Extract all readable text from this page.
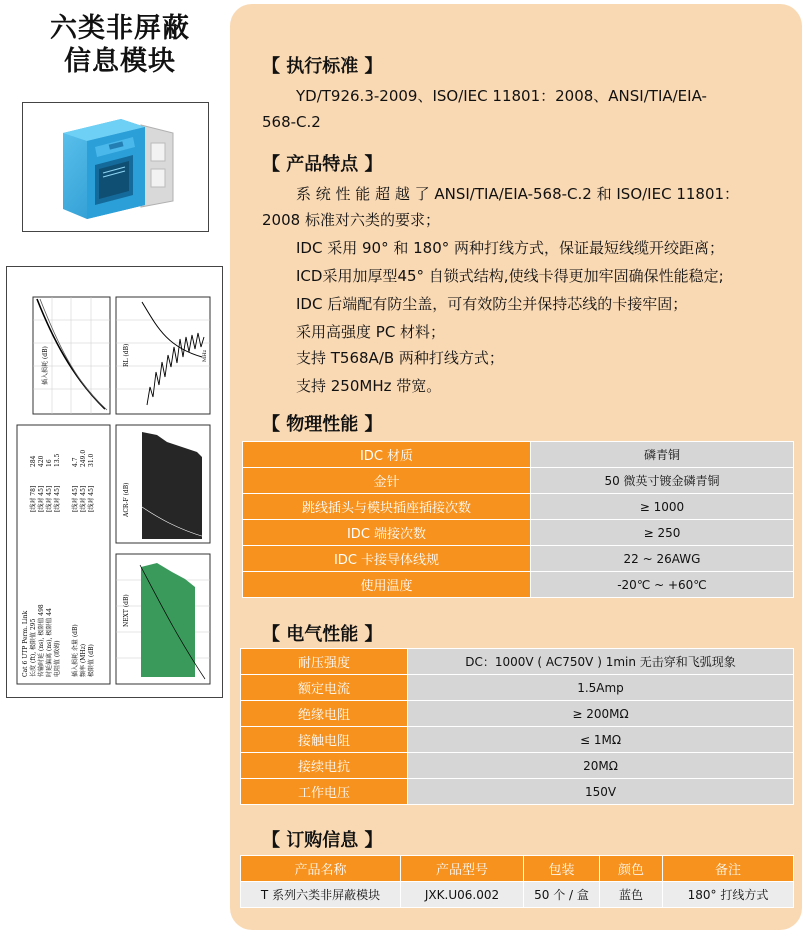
六类非屏蔽
信息模块
插入损耗 (dB)	RL (dB)	MHz
ACR-F (dB)
NEXT (dB)
Cat 6 UTP Perm. Link 长度 (ft), 极限值 295 传输时延 (ns), 极限值 498 时延偏离 (ns), 极限值 44 电阻值 (欧姆) 插入损耗 余量 (dB) 频率 (MHz) 极限值 (dB)
[线对 78] [线对 45] [线对 45] [线对 45] [线对 45] [线对 45] [线对 45]
284 420 16 13.5 4.7 249.0 31.0
【 执行标准 】
YD/T926.3-2009、ISO/IEC 11801：2008、ANSI/TIA/EIA-
568-C.2
【 产品特点 】
系 统 性 能 超 越 了 ANSI/TIA/EIA-568-C.2 和 ISO/IEC 11801：
2008 标准对六类的要求；
IDC 采用 90° 和 180° 两种打线方式，保证最短线缆开绞距离；
ICD采用加厚型45° 自锁式结构,使线卡得更加牢固确保性能稳定;
IDC 后端配有防尘盖，可有效防尘并保持芯线的卡接牢固；
采用高强度 PC 材料；
支持 T568A/B 两种打线方式；
支持 250MHz 带宽。
【 物理性能 】
IDC 材质	磷青铜
金针	50 微英寸镀金磷青铜
跳线插头与模块插座插接次数	≥ 1000
IDC 端接次数	≥ 250
IDC 卡接导体线规	22 ~ 26AWG
使用温度	-20℃ ~ +60℃
【 电气性能 】
耐压强度	DC：1000V ( AC750V ) 1min 无击穿和飞弧现象
额定电流	1.5Amp
绝缘电阻	≥ 200MΩ
接触电阻	≤ 1MΩ
接续电抗	20MΩ
工作电压	150V
【 订购信息 】
产品名称	产品型号	包装	颜色	备注
T 系列六类非屏蔽模块	JXK.U06.002	50 个 / 盒	蓝色	180° 打线方式
